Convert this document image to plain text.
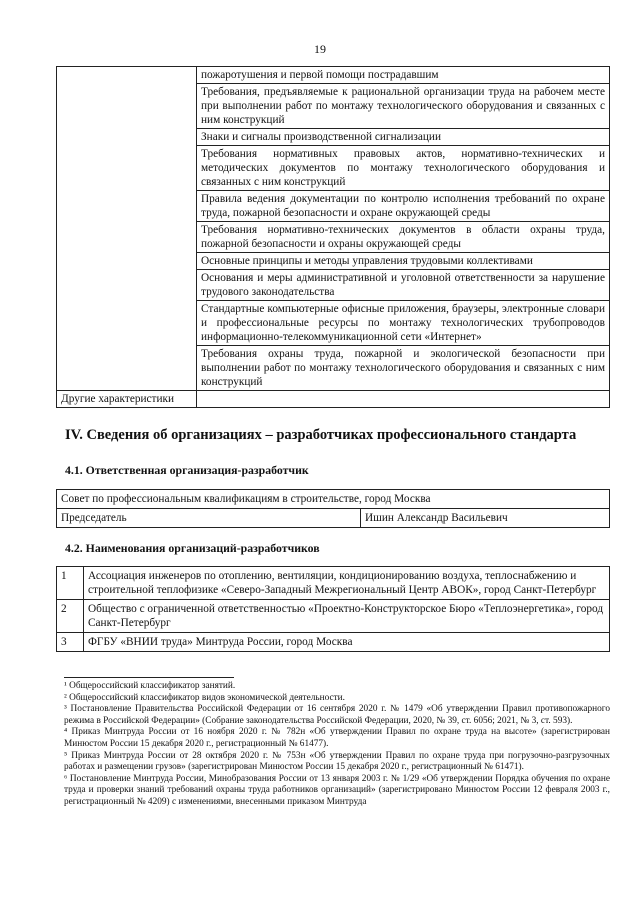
19
	пожаротушения и первой помощи пострадавшим
	Требования, предъявляемые к рациональной организации труда на рабочем месте при выполнении работ по монтажу технологического оборудования и связанных с ним конструкций
	Знаки и сигналы производственной сигнализации
	Требования нормативных правовых актов, нормативно-технических и методических документов по монтажу технологического оборудования и связанных с ним конструкций
	Правила ведения документации по контролю исполнения требований по охране труда, пожарной безопасности и охране окружающей среды
	Требования нормативно-технических документов в области охраны труда, пожарной безопасности и охраны окружающей среды
	Основные принципы и методы управления трудовыми коллективами
	Основания и меры административной и уголовной ответственности за нарушение трудового законодательства
	Стандартные компьютерные офисные приложения, браузеры, электронные словари и профессиональные ресурсы по монтажу технологических трубопроводов информационно-телекоммуникационной сети «Интернет»
	Требования охраны труда, пожарной и экологической безопасности при выполнении работ по монтажу технологического оборудования и связанных с ним конструкций
Другие характеристики	
IV. Сведения об организациях – разработчиках профессионального стандарта
4.1. Ответственная организация-разработчик
Совет по профессиональным квалификациям в строительстве, город Москва
Председатель	Ишин Александр Васильевич
4.2. Наименования организаций-разработчиков
1	Ассоциация инженеров по отоплению, вентиляции, кондиционированию воздуха, теплоснабжению и строительной теплофизике «Северо-Западный Межрегиональный Центр АВОК», город Санкт-Петербург
2	Общество с ограниченной ответственностью «Проектно-Конструкторское Бюро «Теплоэнергетика», город Санкт-Петербург
3	ФГБУ «ВНИИ труда» Минтруда России, город Москва

¹ Общероссийский классификатор занятий.

² Общероссийский классификатор видов экономической деятельности.

³ Постановление Правительства Российской Федерации от 16 сентября 2020 г. № 1479 «Об утверждении Правил противопожарного режима в Российской Федерации» (Собрание законодательства Российской Федерации, 2020, № 39, ст. 6056; 2021, № 3, ст. 593).

⁴ Приказ Минтруда России от 16 ноября 2020 г. № 782н «Об утверждении Правил по охране труда на высоте» (зарегистрирован Минюстом России 15 декабря 2020 г., регистрационный № 61477).

⁵ Приказ Минтруда России от 28 октября 2020 г. № 753н «Об утверждении Правил по охране труда при погрузочно-разгрузочных работах и размещении грузов» (зарегистрирован Минюстом России 15 декабря 2020 г., регистрационный № 61471).

⁶ Постановление Минтруда России, Минобразования России от 13 января 2003 г. № 1/29 «Об утверждении Порядка обучения по охране труда и проверки знаний требований охраны труда работников организаций» (зарегистрировано Минюстом России 12 февраля 2003 г., регистрационный № 4209) с изменениями, внесенными приказом Минтруда
